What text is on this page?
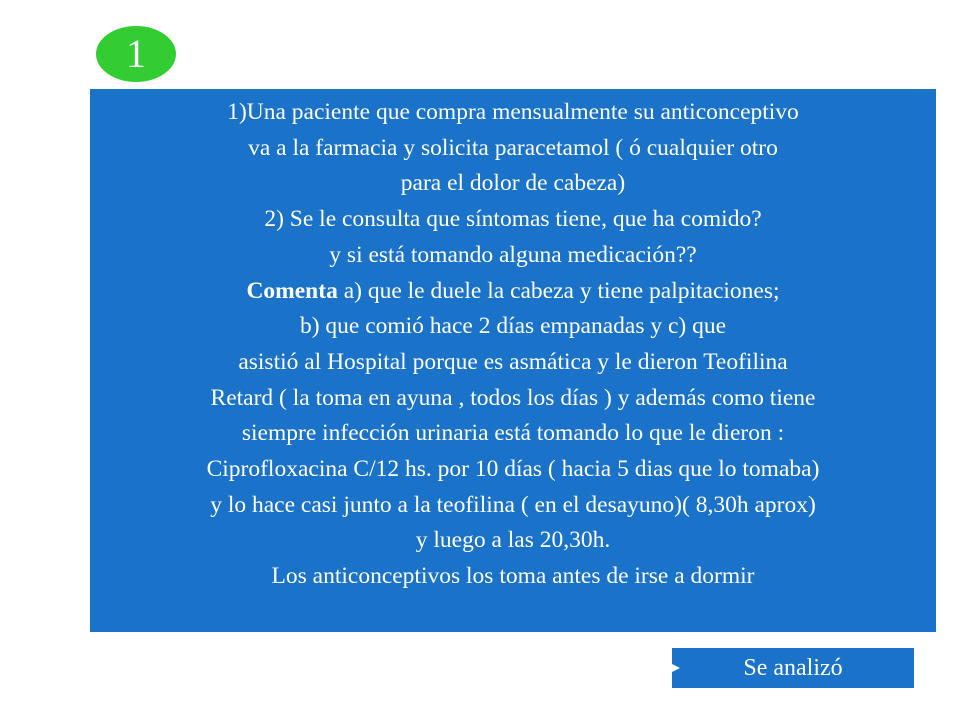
1
1)Una paciente que compra mensualmente su anticonceptivo
va a la farmacia y solicita paracetamol ( ó cualquier otro
para el dolor de cabeza)
2) Se le consulta que síntomas tiene, que ha comido?
y si está tomando alguna medicación??
Comenta a) que le duele la cabeza y tiene palpitaciones;
b) que comió hace 2 días empanadas y c) que
asistió al Hospital porque es asmática y le dieron Teofilina
Retard ( la toma en ayuna , todos los días ) y además como tiene
siempre infección urinaria está tomando lo que le dieron :
Ciprofloxacina C/12 hs. por 10 días ( hacia 5 dias que lo tomaba)
y lo hace casi junto a la teofilina ( en el desayuno)( 8,30h aprox)
y luego a las 20,30h.
Los anticonceptivos los toma antes de irse a dormir
Se analizó
